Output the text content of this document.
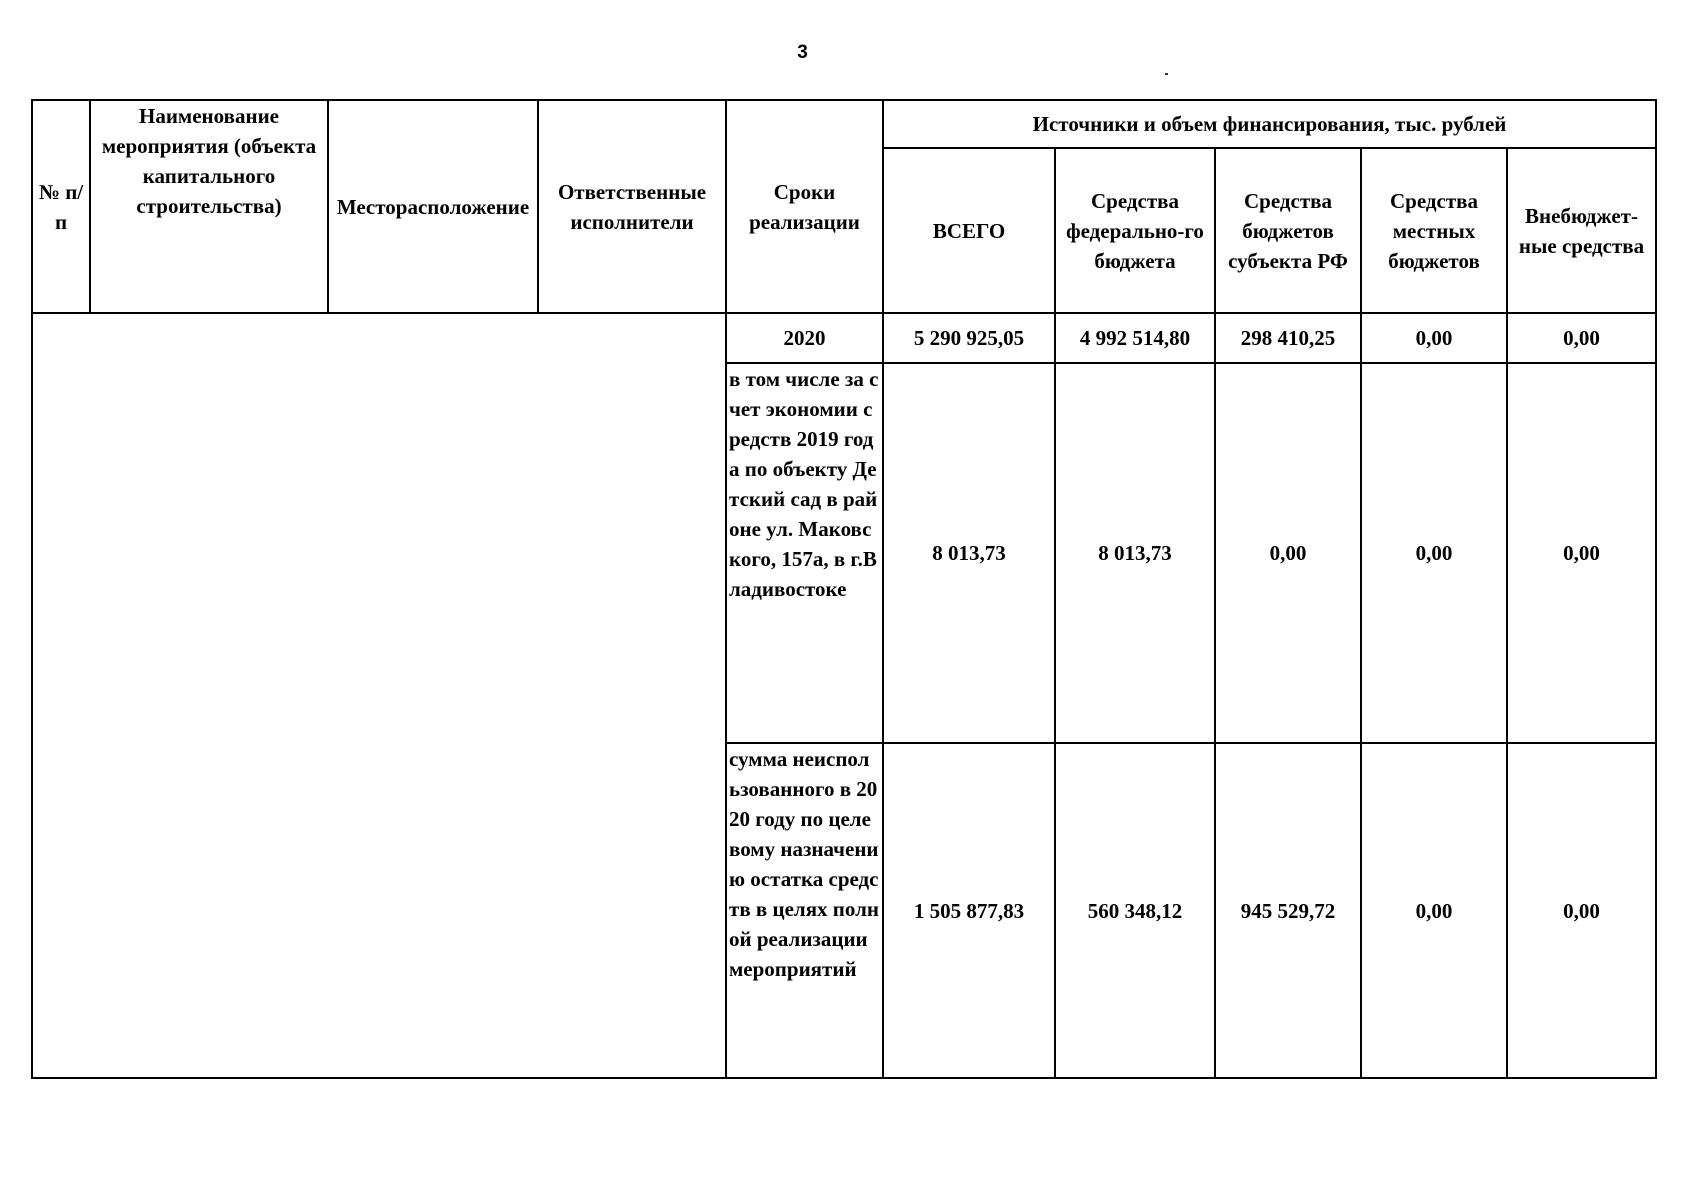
3
№ п/п	Наименование мероприятия (объекта капитального строительства)	Месторасположение	Ответственные исполнители	Сроки реализации	Источники и объем финансирования, тыс. рублей				
					ВСЕГО	Средства федерально-го бюджета	Средства бюджетов субъекта РФ	Средства местных бюджетов	Внебюджет-ные средства
				2020	5 290 925,05	4 992 514,80	298 410,25	0,00	0,00
				в том числе за счет экономии средств 2019 года по объекту Детский сад в районе ул. Маковского, 157а, в г.Владивостоке	8 013,73	8 013,73	0,00	0,00	0,00
				сумма неиспользованного в 2020 году по целевому назначению остатка средств в целях полной реализации мероприятий	1 505 877,83	560 348,12	945 529,72	0,00	0,00
